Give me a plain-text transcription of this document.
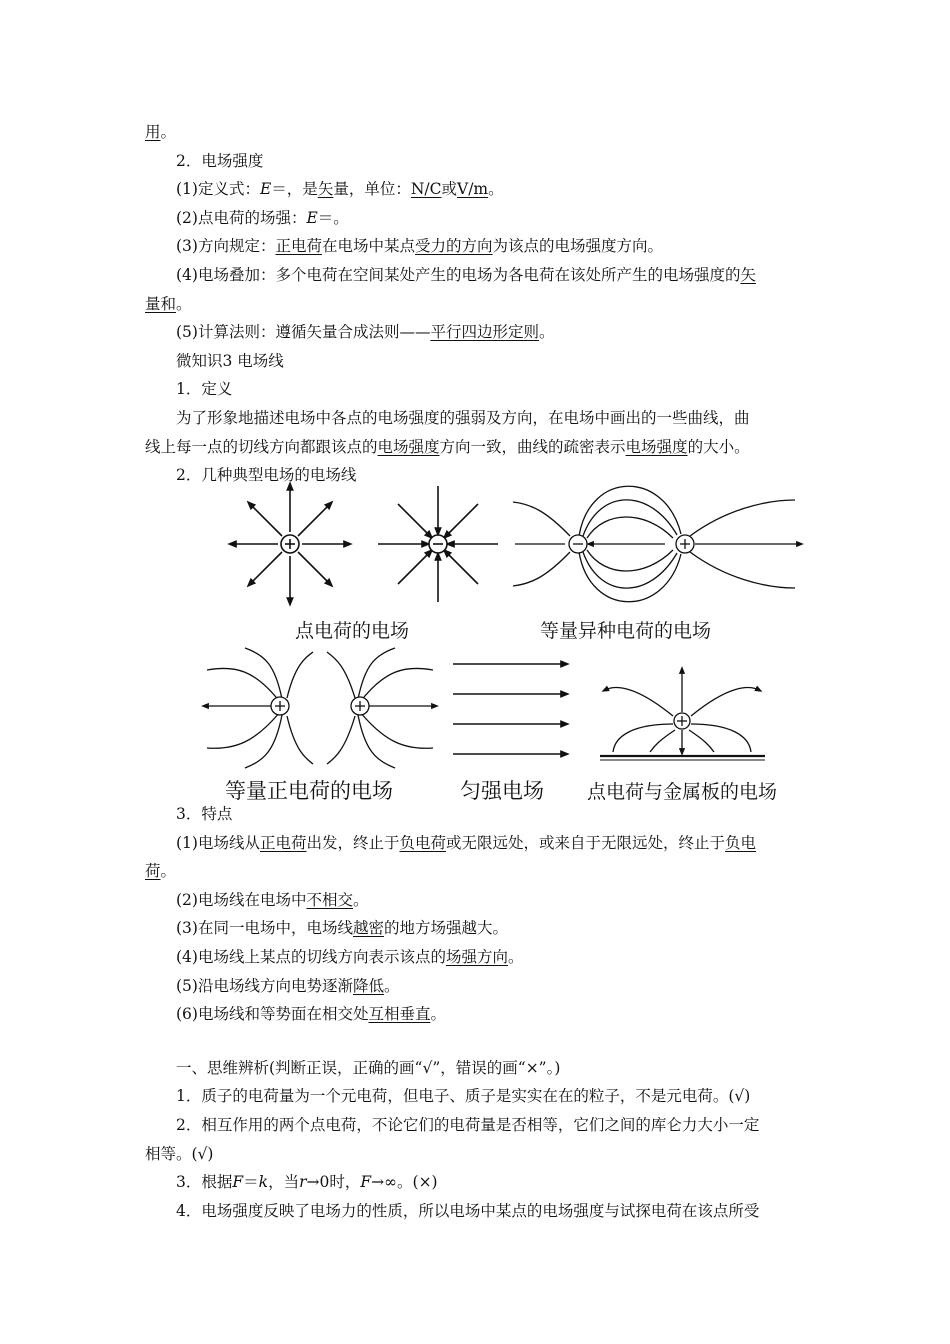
用。
2．电场强度
(1)定义式：E＝，是矢量，单位：N/C或V/m。
(2)点电荷的场强：E＝。
(3)方向规定：正电荷在电场中某点受力的方向为该点的电场强度方向。
(4)电场叠加：多个电荷在空间某处产生的电场为各电荷在该处所产生的电场强度的矢
量和。
(5)计算法则：遵循矢量合成法则——平行四边形定则。
微知识3 电场线
1．定义
为了形象地描述电场中各点的电场强度的强弱及方向，在电场中画出的一些曲线，曲
线上每一点的切线方向都跟该点的电场强度方向一致，曲线的疏密表示电场强度的大小。
2．几种典型电场的电场线
点电荷的电场	等量异种电荷的电场
等量正电荷的电场	匀强电场 点电荷与金属板的电场
3．特点
(1)电场线从正电荷出发，终止于负电荷或无限远处，或来自于无限远处，终止于负电
荷。
(2)电场线在电场中不相交。
(3)在同一电场中，电场线越密的地方场强越大。
(4)电场线上某点的切线方向表示该点的场强方向。
(5)沿电场线方向电势逐渐降低。
(6)电场线和等势面在相交处互相垂直。
一、思维辨析(判断正误，正确的画“√”，错误的画“×”。)
1．质子的电荷量为一个元电荷，但电子、质子是实实在在的粒子，不是元电荷。(√)
2．相互作用的两个点电荷，不论它们的电荷量是否相等，它们之间的库仑力大小一定
相等。(√)
3．根据F＝k，当r→0时，F→∞。(×)
4．电场强度反映了电场力的性质，所以电场中某点的电场强度与试探电荷在该点所受
